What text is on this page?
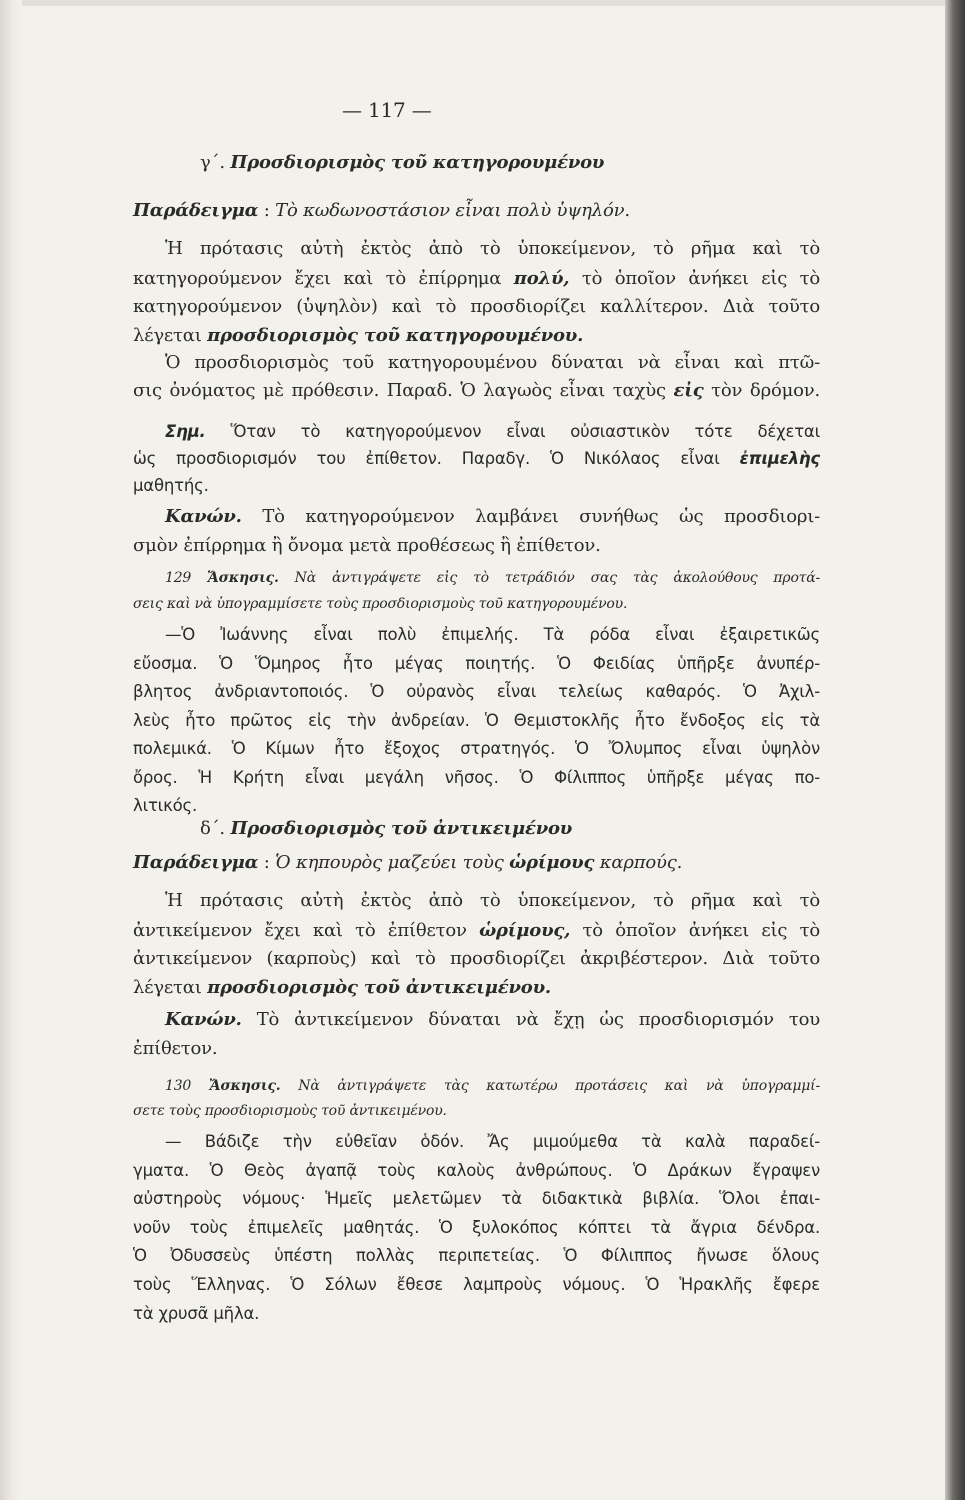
— 117 —
γ΄. Προσδιορισμὸς τοῦ κατηγορουμένου
Παράδειγμα : Τὸ κωδωνοστάσιον εἶναι πολὺ ὑψηλόν.
Ἡ πρότασις αὐτὴ ἐκτὸς ἀπὸ τὸ ὑποκείμενον, τὸ ρῆμα καὶ τὸ
κατηγορούμενον ἔχει καὶ τὸ ἐπίρρημα πολύ, τὸ ὁποῖον ἀνήκει εἰς τὸ
κατηγορούμενον (ὑψηλὸν) καὶ τὸ προσδιορίζει καλλίτερον. Διὰ τοῦτο
λέγεται προσδιορισμὸς τοῦ κατηγορουμένου.
Ὁ προσδιορισμὸς τοῦ κατηγορουμένου δύναται νὰ εἶναι καὶ πτῶ-
σις ὀνόματος μὲ πρόθεσιν. Παραδ. Ὁ λαγωὸς εἶναι ταχὺς εἰς τὸν δρόμον.
Σημ. Ὅταν τὸ κατηγορούμενον εἶναι οὐσιαστικὸν τότε δέχεται
ὡς προσδιορισμόν του ἐπίθετον. Παραδγ. Ὁ Νικόλαος εἶναι ἐπιμελὴς
μαθητής.
Κανών. Τὸ κατηγορούμενον λαμβάνει συνήθως ὡς προσδιορι-
σμὸν ἐπίρρημα ἢ ὄνομα μετὰ προθέσεως ἢ ἐπίθετον.
129 Ἄσκησις. Νὰ ἀντιγράψετε εἰς τὸ τετράδιόν σας τὰς ἀκολούθους προτά-
σεις καὶ νὰ ὑπογραμμίσετε τοὺς προσδιορισμοὺς τοῦ κατηγορουμένου.
—Ὁ Ἰωάννης εἶναι πολὺ ἐπιμελής. Τὰ ρόδα εἶναι ἐξαιρετικῶς
εὔοσμα. Ὁ Ὅμηρος ἦτο μέγας ποιητής. Ὁ Φειδίας ὑπῆρξε ἀνυπέρ-
βλητος ἀνδριαντοποιός. Ὁ οὐρανὸς εἶναι τελείως καθαρός. Ὁ Ἀχιλ-
λεὺς ἦτο πρῶτος εἰς τὴν ἀνδρείαν. Ὁ Θεμιστοκλῆς ἦτο ἔνδοξος εἰς τὰ
πολεμικά. Ὁ Κίμων ἦτο ἔξοχος στρατηγός. Ὁ Ὄλυμπος εἶναι ὑψηλὸν
ὄρος. Ἡ Κρήτη εἶναι μεγάλη νῆσος. Ὁ Φίλιππος ὑπῆρξε μέγας πο-
λιτικός.
δ΄. Προσδιορισμὸς τοῦ ἀντικειμένου
Παράδειγμα : Ὁ κηπουρὸς μαζεύει τοὺς ὡρίμους καρπούς.
Ἡ πρότασις αὐτὴ ἐκτὸς ἀπὸ τὸ ὑποκείμενον, τὸ ρῆμα καὶ τὸ
ἀντικείμενον ἔχει καὶ τὸ ἐπίθετον ὡρίμους, τὸ ὁποῖον ἀνήκει εἰς τὸ
ἀντικείμενον (καρποὺς) καὶ τὸ προσδιορίζει ἀκριβέστερον. Διὰ τοῦτο
λέγεται προσδιορισμὸς τοῦ ἀντικειμένου.
Κανών. Τὸ ἀντικείμενον δύναται νὰ ἔχῃ ὡς προσδιορισμόν του
ἐπίθετον.
130 Ἄσκησις. Νὰ ἀντιγράψετε τὰς κατωτέρω προτάσεις καὶ νὰ ὑπογραμμί-
σετε τοὺς προσδιορισμοὺς τοῦ ἀντικειμένου.
— Βάδιζε τὴν εὐθεῖαν ὁδόν. Ἄς μιμούμεθα τὰ καλὰ παραδεί-
γματα. Ὁ Θεὸς ἀγαπᾷ τοὺς καλοὺς ἀνθρώπους. Ὁ Δράκων ἔγραψεν
αὐστηροὺς νόμους· Ἡμεῖς μελετῶμεν τὰ διδακτικὰ βιβλία. Ὅλοι ἐπαι-
νοῦν τοὺς ἐπιμελεῖς μαθητάς. Ὁ ξυλοκόπος κόπτει τὰ ἄγρια δένδρα.
Ὁ Ὀδυσσεὺς ὑπέστη πολλὰς περιπετείας. Ὁ Φίλιππος ἤνωσε ὅλους
τοὺς Ἕλληνας. Ὁ Σόλων ἔθεσε λαμπροὺς νόμους. Ὁ Ἡρακλῆς ἔφερε
τὰ χρυσᾶ μῆλα.
